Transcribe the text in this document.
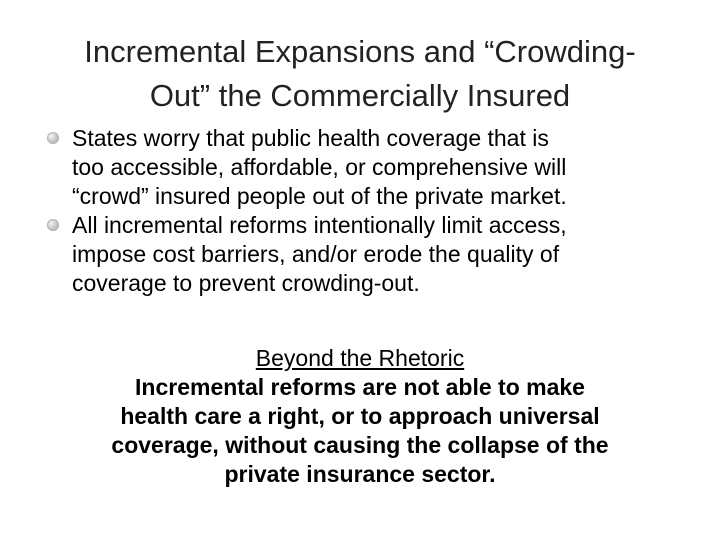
Incremental Expansions and “Crowding-
Out” the Commercially Insured
States worry that public health coverage that is
too accessible, affordable, or comprehensive will
“crowd” insured people out of the private market.
All incremental reforms intentionally limit access,
impose cost barriers, and/or erode the quality of
coverage to prevent crowding-out.
Beyond the Rhetoric
Incremental reforms are not able to make
health care a right, or to approach universal
coverage, without causing the collapse of the
private insurance sector.
